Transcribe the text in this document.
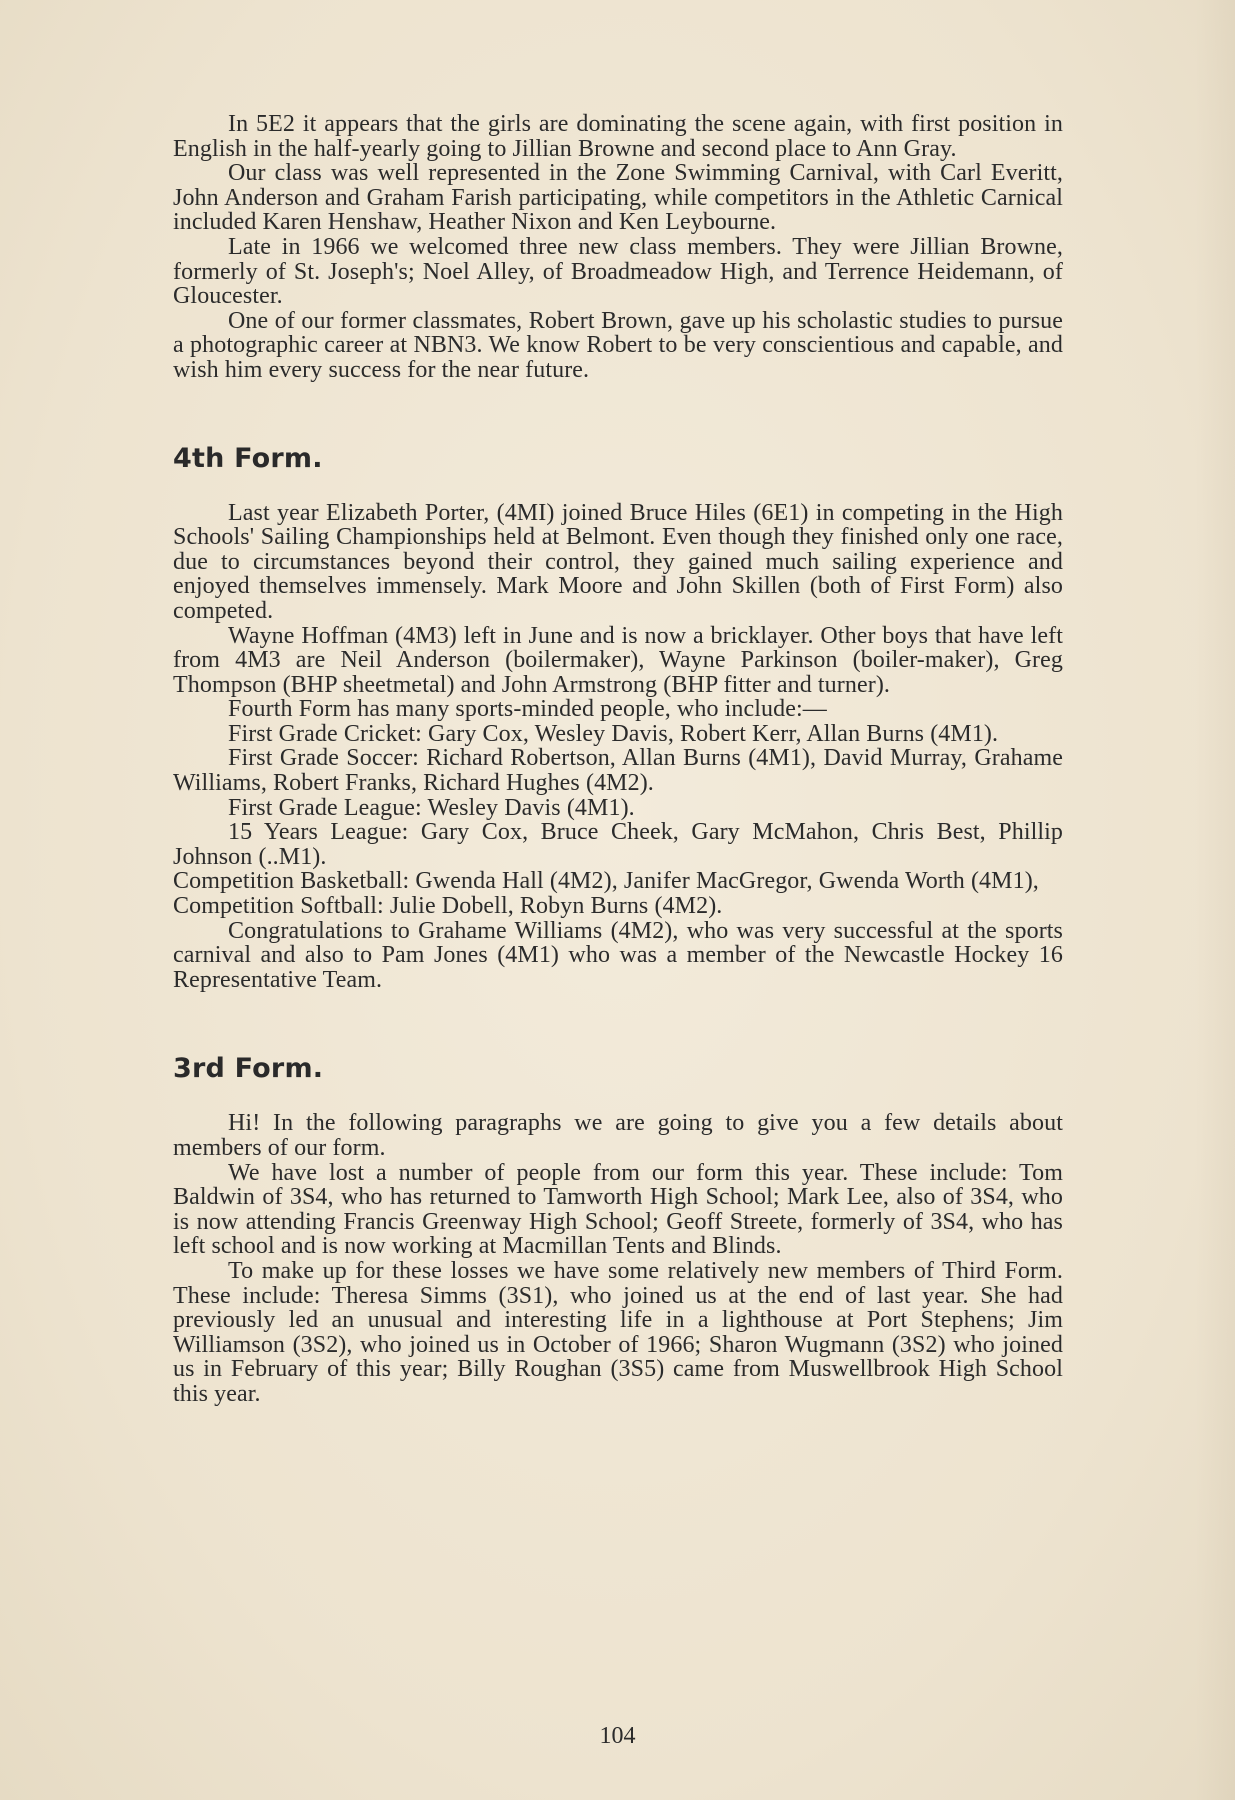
In 5E2 it appears that the girls are dominating the scene again, with first position in English in the half-yearly going to Jillian Browne and second place to Ann Gray.

Our class was well represented in the Zone Swimming Carnival, with Carl Everitt, John Anderson and Graham Farish participating, while competitors in the Athletic Carnical included Karen Henshaw, Heather Nixon and Ken Leybourne.

Late in 1966 we welcomed three new class members. They were Jillian Browne, formerly of St. Joseph's; Noel Alley, of Broadmeadow High, and Terrence Heidemann, of Gloucester.

One of our former classmates, Robert Brown, gave up his scholastic studies to pursue a photographic career at NBN3. We know Robert to be very conscientious and capable, and wish him every success for the near future.

4th Form.

Last year Elizabeth Porter, (4MI) joined Bruce Hiles (6E1) in competing in the High Schools' Sailing Championships held at Belmont. Even though they finished only one race, due to circumstances beyond their control, they gained much sailing experience and enjoyed themselves immensely. Mark Moore and John Skillen (both of First Form) also competed.

Wayne Hoffman (4M3) left in June and is now a bricklayer. Other boys that have left from 4M3 are Neil Anderson (boilermaker), Wayne Parkinson (boiler-maker), Greg Thompson (BHP sheetmetal) and John Armstrong (BHP fitter and turner).

Fourth Form has many sports-minded people, who include:—

First Grade Cricket: Gary Cox, Wesley Davis, Robert Kerr, Allan Burns (4M1).

First Grade Soccer: Richard Robertson, Allan Burns (4M1), David Murray, Grahame Williams, Robert Franks, Richard Hughes (4M2).

First Grade League: Wesley Davis (4M1).

15 Years League: Gary Cox, Bruce Cheek, Gary McMahon, Chris Best, Phillip Johnson (..M1).

Competition Basketball: Gwenda Hall (4M2), Janifer MacGregor, Gwenda Worth (4M1),

Competition Softball: Julie Dobell, Robyn Burns (4M2).

Congratulations to Grahame Williams (4M2), who was very successful at the sports carnival and also to Pam Jones (4M1) who was a member of the Newcastle Hockey 16 Representative Team.

3rd Form.

Hi! In the following paragraphs we are going to give you a few details about members of our form.

We have lost a number of people from our form this year. These include: Tom Baldwin of 3S4, who has returned to Tamworth High School; Mark Lee, also of 3S4, who is now attending Francis Greenway High School; Geoff Streete, formerly of 3S4, who has left school and is now working at Macmillan Tents and Blinds.

To make up for these losses we have some relatively new members of Third Form. These include: Theresa Simms (3S1), who joined us at the end of last year. She had previously led an unusual and interesting life in a lighthouse at Port Stephens; Jim Williamson (3S2), who joined us in October of 1966; Sharon Wugmann (3S2) who joined us in February of this year; Billy Roughan (3S5) came from Muswellbrook High School this year.

104
